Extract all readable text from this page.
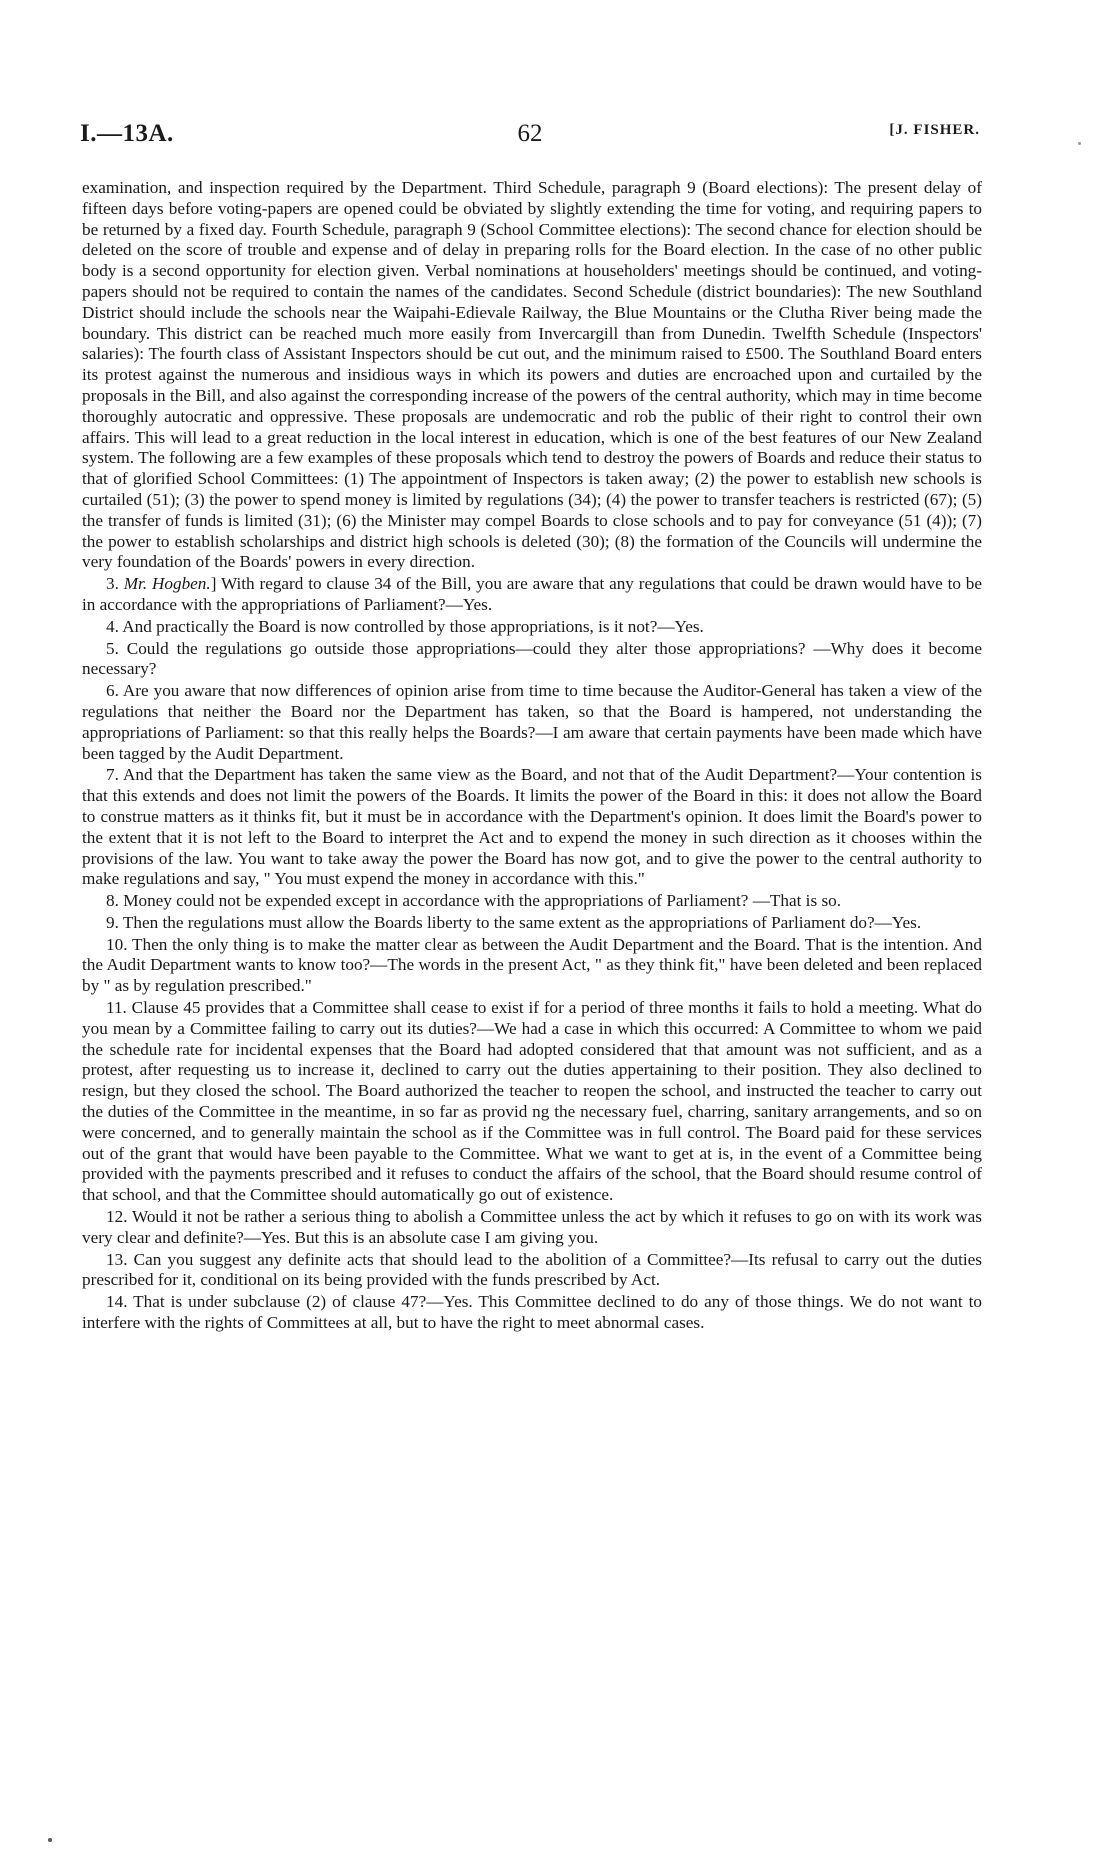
I.—13A.	62	[J. FISHER.

examination, and inspection required by the Department. Third Schedule, paragraph 9 (Board elections): The present delay of fifteen days before voting-papers are opened could be obviated by slightly extending the time for voting, and requiring papers to be returned by a fixed day. Fourth Schedule, paragraph 9 (School Committee elections): The second chance for election should be deleted on the score of trouble and expense and of delay in preparing rolls for the Board election. In the case of no other public body is a second opportunity for election given. Verbal nominations at householders' meetings should be continued, and voting-papers should not be required to contain the names of the candidates. Second Schedule (district boundaries): The new Southland District should include the schools near the Waipahi-Edievale Railway, the Blue Mountains or the Clutha River being made the boundary. This district can be reached much more easily from Invercargill than from Dunedin. Twelfth Schedule (Inspectors' salaries): The fourth class of Assistant Inspectors should be cut out, and the minimum raised to £500. The Southland Board enters its protest against the numerous and insidious ways in which its powers and duties are encroached upon and curtailed by the proposals in the Bill, and also against the corresponding increase of the powers of the central authority, which may in time become thoroughly autocratic and oppressive. These proposals are undemocratic and rob the public of their right to control their own affairs. This will lead to a great reduction in the local interest in education, which is one of the best features of our New Zealand system. The following are a few examples of these proposals which tend to destroy the powers of Boards and reduce their status to that of glorified School Committees: (1) The appointment of Inspectors is taken away; (2) the power to establish new schools is curtailed (51); (3) the power to spend money is limited by regulations (34); (4) the power to transfer teachers is restricted (67); (5) the transfer of funds is limited (31); (6) the Minister may compel Boards to close schools and to pay for conveyance (51 (4)); (7) the power to establish scholarships and district high schools is deleted (30); (8) the formation of the Councils will undermine the very foundation of the Boards' powers in every direction.

3. Mr. Hogben.] With regard to clause 34 of the Bill, you are aware that any regulations that could be drawn would have to be in accordance with the appropriations of Parliament?—Yes.

4. And practically the Board is now controlled by those appropriations, is it not?—Yes.

5. Could the regulations go outside those appropriations—could they alter those appropriations? —Why does it become necessary?

6. Are you aware that now differences of opinion arise from time to time because the Auditor-General has taken a view of the regulations that neither the Board nor the Department has taken, so that the Board is hampered, not understanding the appropriations of Parliament: so that this really helps the Boards?—I am aware that certain payments have been made which have been tagged by the Audit Department.

7. And that the Department has taken the same view as the Board, and not that of the Audit Department?—Your contention is that this extends and does not limit the powers of the Boards. It limits the power of the Board in this: it does not allow the Board to construe matters as it thinks fit, but it must be in accordance with the Department's opinion. It does limit the Board's power to the extent that it is not left to the Board to interpret the Act and to expend the money in such direction as it chooses within the provisions of the law. You want to take away the power the Board has now got, and to give the power to the central authority to make regulations and say, " You must expend the money in accordance with this."

8. Money could not be expended except in accordance with the appropriations of Parliament? —That is so.

9. Then the regulations must allow the Boards liberty to the same extent as the appropriations of Parliament do?—Yes.

10. Then the only thing is to make the matter clear as between the Audit Department and the Board. That is the intention. And the Audit Department wants to know too?—The words in the present Act, " as they think fit," have been deleted and been replaced by " as by regulation prescribed."

11. Clause 45 provides that a Committee shall cease to exist if for a period of three months it fails to hold a meeting. What do you mean by a Committee failing to carry out its duties?—We had a case in which this occurred: A Committee to whom we paid the schedule rate for incidental expenses that the Board had adopted considered that that amount was not sufficient, and as a protest, after requesting us to increase it, declined to carry out the duties appertaining to their position. They also declined to resign, but they closed the school. The Board authorized the teacher to reopen the school, and instructed the teacher to carry out the duties of the Committee in the meantime, in so far as provid ng the necessary fuel, charring, sanitary arrangements, and so on were concerned, and to generally maintain the school as if the Committee was in full control. The Board paid for these services out of the grant that would have been payable to the Committee. What we want to get at is, in the event of a Committee being provided with the payments prescribed and it refuses to conduct the affairs of the school, that the Board should resume control of that school, and that the Committee should automatically go out of existence.

12. Would it not be rather a serious thing to abolish a Committee unless the act by which it refuses to go on with its work was very clear and definite?—Yes. But this is an absolute case I am giving you.

13. Can you suggest any definite acts that should lead to the abolition of a Committee?—Its refusal to carry out the duties prescribed for it, conditional on its being provided with the funds prescribed by Act.

14. That is under subclause (2) of clause 47?—Yes. This Committee declined to do any of those things. We do not want to interfere with the rights of Committees at all, but to have the right to meet abnormal cases.
